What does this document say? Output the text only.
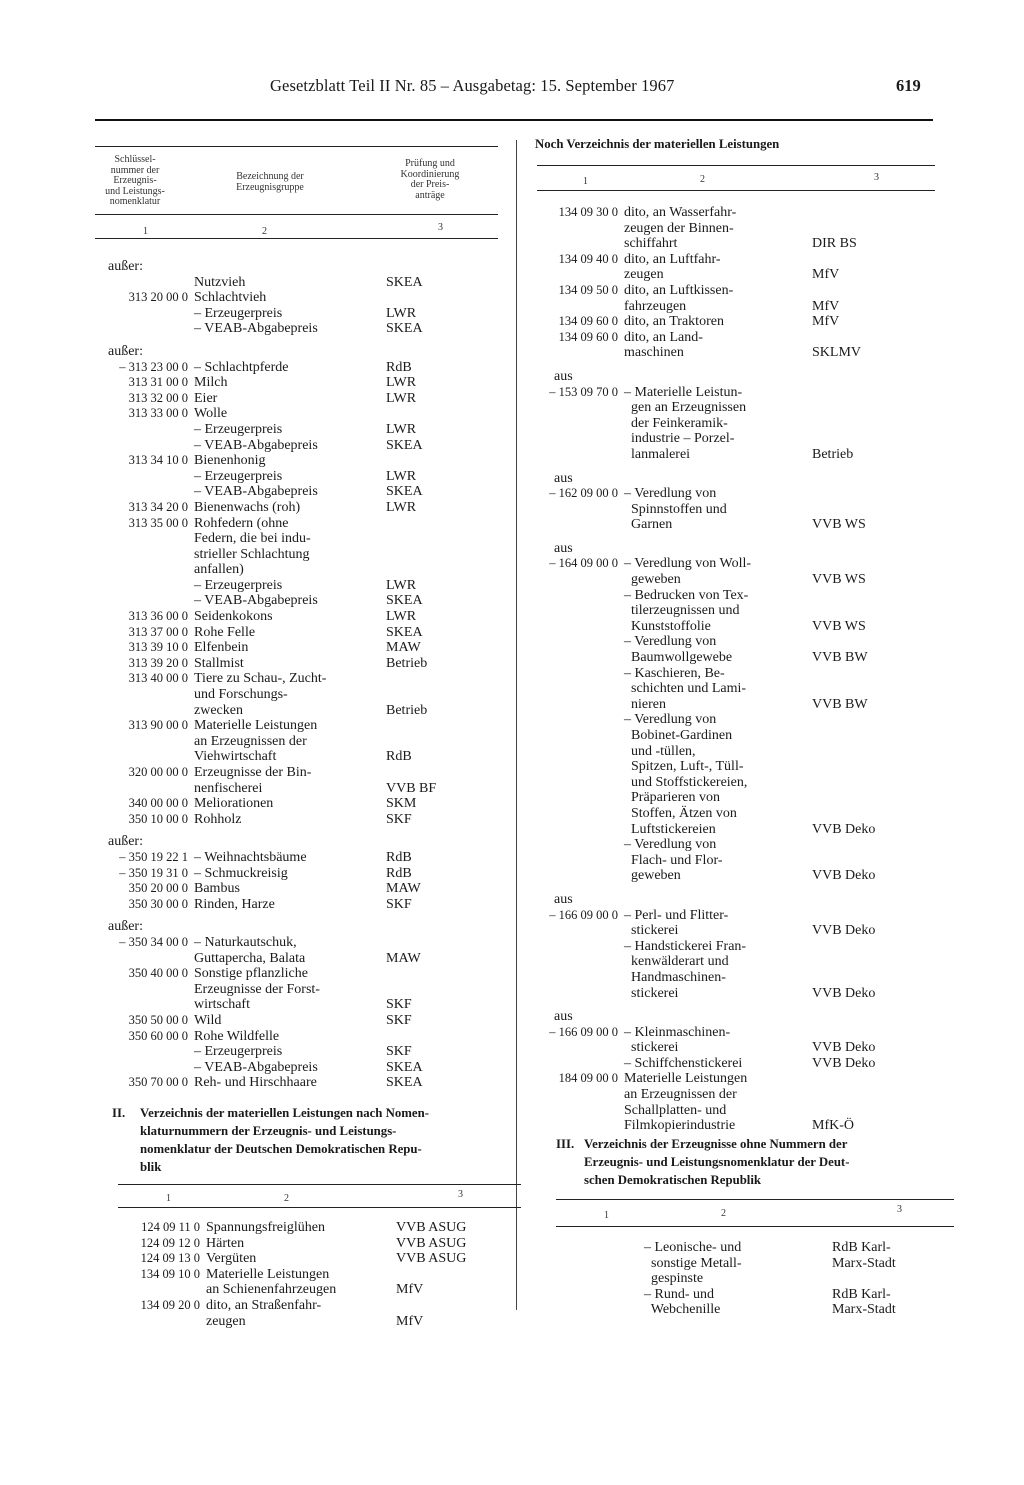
Gesetzblatt Teil II Nr. 85 – Ausgabetag: 15. September 1967	619
Schlüssel-
nummer der
Erzeugnis-
und Leistungs-
nomenklatur
Bezeichnung der
Erzeugnisgruppe
Prüfung und
Koordinierung
der Preis-
anträge
1	2	3
außer:
Nutzvieh	SKEA
313 20 00 0 Schlachtvieh
– Erzeugerpreis	LWR
– VEAB-Abgabepreis	SKEA
außer:
– 313 23 00 0 – Schlachtpferde	RdB
313 31 00 0 Milch	LWR
313 32 00 0 Eier	LWR
313 33 00 0 Wolle
– Erzeugerpreis	LWR
– VEAB-Abgabepreis	SKEA
313 34 10 0 Bienenhonig
– Erzeugerpreis	LWR
– VEAB-Abgabepreis	SKEA
313 34 20 0 Bienenwachs (roh)	LWR
313 35 00 0 Rohfedern (ohne
Federn, die bei indu-
strieller Schlachtung
anfallen)
– Erzeugerpreis	LWR
– VEAB-Abgabepreis	SKEA
313 36 00 0 Seidenkokons	LWR
313 37 00 0 Rohe Felle	SKEA
313 39 10 0 Elfenbein	MAW
313 39 20 0 Stallmist	Betrieb
313 40 00 0 Tiere zu Schau-, Zucht-
und Forschungs-
zwecken	Betrieb
313 90 00 0 Materielle Leistungen
an Erzeugnissen der
Viehwirtschaft	RdB
320 00 00 0 Erzeugnisse der Bin-
nenfischerei	VVB BF
340 00 00 0 Meliorationen	SKM
350 10 00 0 Rohholz	SKF
außer:
– 350 19 22 1 – Weihnachtsbäume	RdB
– 350 19 31 0 – Schmuckreisig	RdB
350 20 00 0 Bambus	MAW
350 30 00 0 Rinden, Harze	SKF
außer:
– 350 34 00 0 – Naturkautschuk,
Guttapercha, Balata	MAW
350 40 00 0 Sonstige pflanzliche
Erzeugnisse der Forst-
wirtschaft	SKF
350 50 00 0 Wild	SKF
350 60 00 0 Rohe Wildfelle
– Erzeugerpreis	SKF
– VEAB-Abgabepreis	SKEA
350 70 00 0 Reh- und Hirschhaare	SKEA
II. Verzeichnis der materiellen Leistungen nach Nomen-
klaturnummern der Erzeugnis- und Leistungs-
nomenklatur der Deutschen Demokratischen Repu-
blik
1	2	3
124 09 11 0 Spannungsfreiglühen	VVB ASUG
124 09 12 0 Härten	VVB ASUG
124 09 13 0 Vergüten	VVB ASUG
134 09 10 0 Materielle Leistungen
an Schienenfahrzeugen	MfV
134 09 20 0 dito, an Straßenfahr-
zeugen	MfV
Noch Verzeichnis der materiellen Leistungen
1	2	3
134 09 30 0 dito, an Wasserfahr-
zeugen der Binnen-
schiffahrt	DIR BS
134 09 40 0 dito, an Luftfahr-
zeugen	MfV
134 09 50 0 dito, an Luftkissen-
fahrzeugen	MfV
134 09 60 0 dito, an Traktoren	MfV
134 09 60 0 dito, an Land-
maschinen	SKLMV
aus
– 153 09 70 0 – Materielle Leistun-
gen an Erzeugnissen
der Feinkeramik-
industrie – Porzel-
lanmalerei	Betrieb
aus
– 162 09 00 0 – Veredlung von
Spinnstoffen und
Garnen	VVB WS
aus
– 164 09 00 0 – Veredlung von Woll-
geweben	VVB WS
– Bedrucken von Tex-
tilerzeugnissen und
Kunststoffolie	VVB WS
– Veredlung von
Baumwollgewebe	VVB BW
– Kaschieren, Be-
schichten und Lami-
nieren	VVB BW
– Veredlung von
Bobinet-Gardinen
und -tüllen,
Spitzen, Luft-, Tüll-
und Stoffstickereien,
Präparieren von
Stoffen, Ätzen von
Luftstickereien	VVB Deko
– Veredlung von
Flach- und Flor-
geweben	VVB Deko
aus
– 166 09 00 0 – Perl- und Flitter-
stickerei	VVB Deko
– Handstickerei Fran-
kenwälderart und
Handmaschinen-
stickerei	VVB Deko
aus
– 166 09 00 0 – Kleinmaschinen-
stickerei	VVB Deko
– Schiffchenstickerei	VVB Deko
184 09 00 0 Materielle Leistungen
an Erzeugnissen der
Schallplatten- und
Filmkopierindustrie	MfK-Ö
III. Verzeichnis der Erzeugnisse ohne Nummern der
Erzeugnis- und Leistungsnomenklatur der Deut-
schen Demokratischen Republik
1	2	3
– Leonische- und	RdB Karl-
sonstige Metall-	Marx-Stadt
gespinste
– Rund- und	RdB Karl-
Webchenille	Marx-Stadt
